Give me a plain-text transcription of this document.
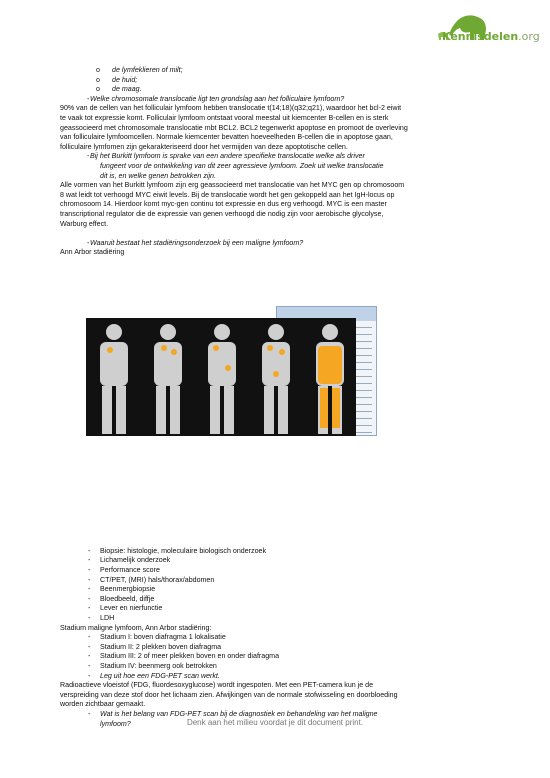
Kennisdelen.org
o de lymfeklieren of milt;
o de huid;
o de maag.
- Welke chromosomale translocatie ligt ten grondslag aan het folliculaire lymfoom?
90% van de cellen van het folliculair lymfoom hebben translocatie t(14;18)(q32;q21), waardoor het bcl-2 eiwit
te vaak tot expressie komt. Folliculair lymfoom ontstaat vooral meestal uit kiemcenter B-cellen en is sterk
geassocieerd met chromosomale translocatie mbt BCL2. BCL2 tegenwerkt apoptose en promoot de overleving
van folliculaire lymfoomcellen. Normale kiemcenter bevatten hoeveelheden B-cellen die in apoptose gaan,
folliculaire lymfomen zijn gekarakteriseerd door het vermijden van deze apoptotische cellen.
- Bij het Burkitt lymfoom is sprake van een andere specifieke translocatie welke als driver
fungeert voor de ontwikkeling van dit zeer agressieve lymfoom. Zoek uit welke translocatie
dit is, en welke genen betrokken zijn.
Alle vormen van het Burkitt lymfoom zijn erg geassocieerd met translocatie van het MYC gen op chromosoom
8 wat leidt tot verhoogd MYC eiwit levels. Bij de translocatie wordt het gen gekoppeld aan het IgH-locus op
chromosoom 14. Hierdoor komt myc-gen continu tot expressie en dus erg verhoogd. MYC is een master
transcriptional regulator die de expressie van genen verhoogd die nodig zijn voor aerobische glycolyse,
Warburg effect.
- Waaruit bestaat het stadiëringsonderzoek bij een maligne lymfoom?
Ann Arbor stadiëring
- Biopsie: histologie, moleculaire biologisch onderzoek
- Lichamelijk onderzoek
- Performance score
- CT/PET, (MRI) hals/thorax/abdomen
- Beenmergbiopsie
- Bloedbeeld, diffje
- Lever en nierfunctie
- LDH
Stadium maligne lymfoom, Ann Arbor stadiëring:
- Stadium I: boven diafragma 1 lokalisatie
- Stadium II: 2 plekken boven diafragma
- Stadium III: 2 of meer plekken boven en onder diafragma
- Stadium IV: beenmerg ook betrokken
- Leg uit hoe een FDG-PET scan werkt.
Radioactieve vloeistof (FDG, fluordesoxyglucose) wordt ingespoten. Met een PET-camera kun je de
verspreiding van deze stof door het lichaam zien. Afwijkingen van de normale stofwisseling en doorbloeding
worden zichtbaar gemaakt.
- Wat is het belang van FDG-PET scan bij de diagnostiek en behandeling van het maligne
lymfoom?	Denk aan het milieu voordat je dit document print.
